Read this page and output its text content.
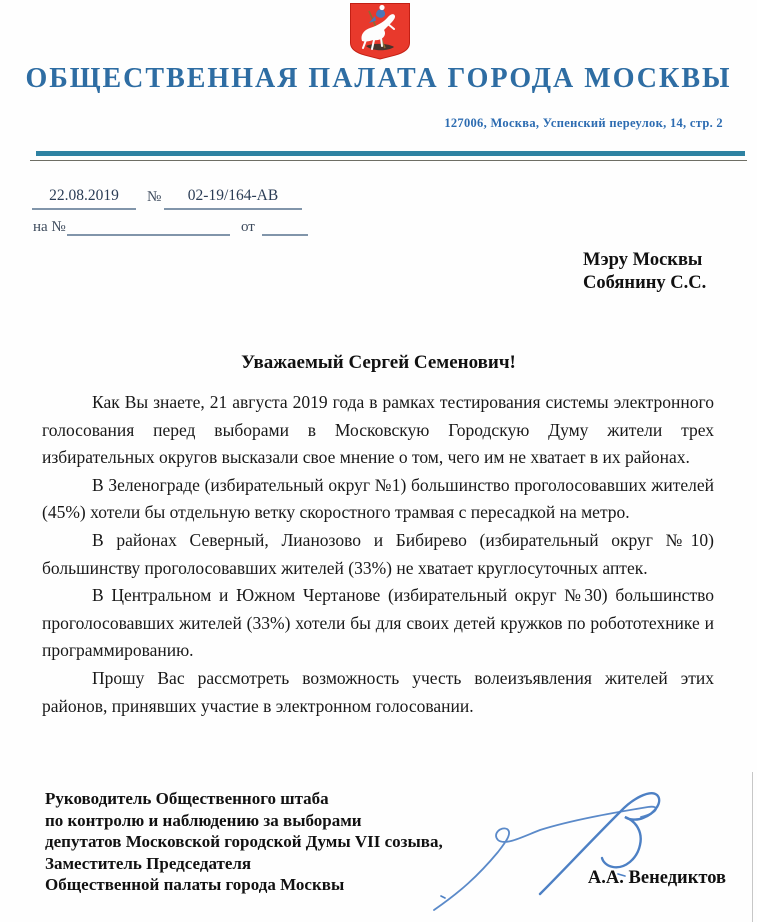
ОБЩЕСТВЕННАЯ ПАЛАТА ГОРОДА МОСКВЫ
127006, Москва, Успенский переулок, 14, стр. 2
22.08.2019	№	02-19/164-АВ
на №	от
Мэру Москвы
Собянину С.С.
Уважаемый Сергей Семенович!

Как Вы знаете, 21 августа 2019 года в рамках тестирования системы электронного голосования перед выборами в Московскую Городскую Думу жители трех избирательных округов высказали свое мнение о том, чего им не хватает в их районах.

В Зеленограде (избирательный округ №1) большинство проголосовавших жителей (45%) хотели бы отдельную ветку скоростного трамвая с пересадкой на метро.

В районах Северный, Лианозово и Бибирево (избирательный округ №10) большинству проголосовавших жителей (33%) не хватает круглосуточных аптек.

В Центральном и Южном Чертанове (избирательный округ №30) большинство проголосовавших жителей (33%) хотели бы для своих детей кружков по робототехнике и программированию.

Прошу Вас рассмотреть возможность учесть волеизъявления жителей этих районов, принявших участие в электронном голосовании.

Руководитель Общественного штаба
по контролю и наблюдению за выборами
депутатов Московской городской Думы VII созыва,
Заместитель Председателя
Общественной палаты города Москвы	А.А. Венедиктов
